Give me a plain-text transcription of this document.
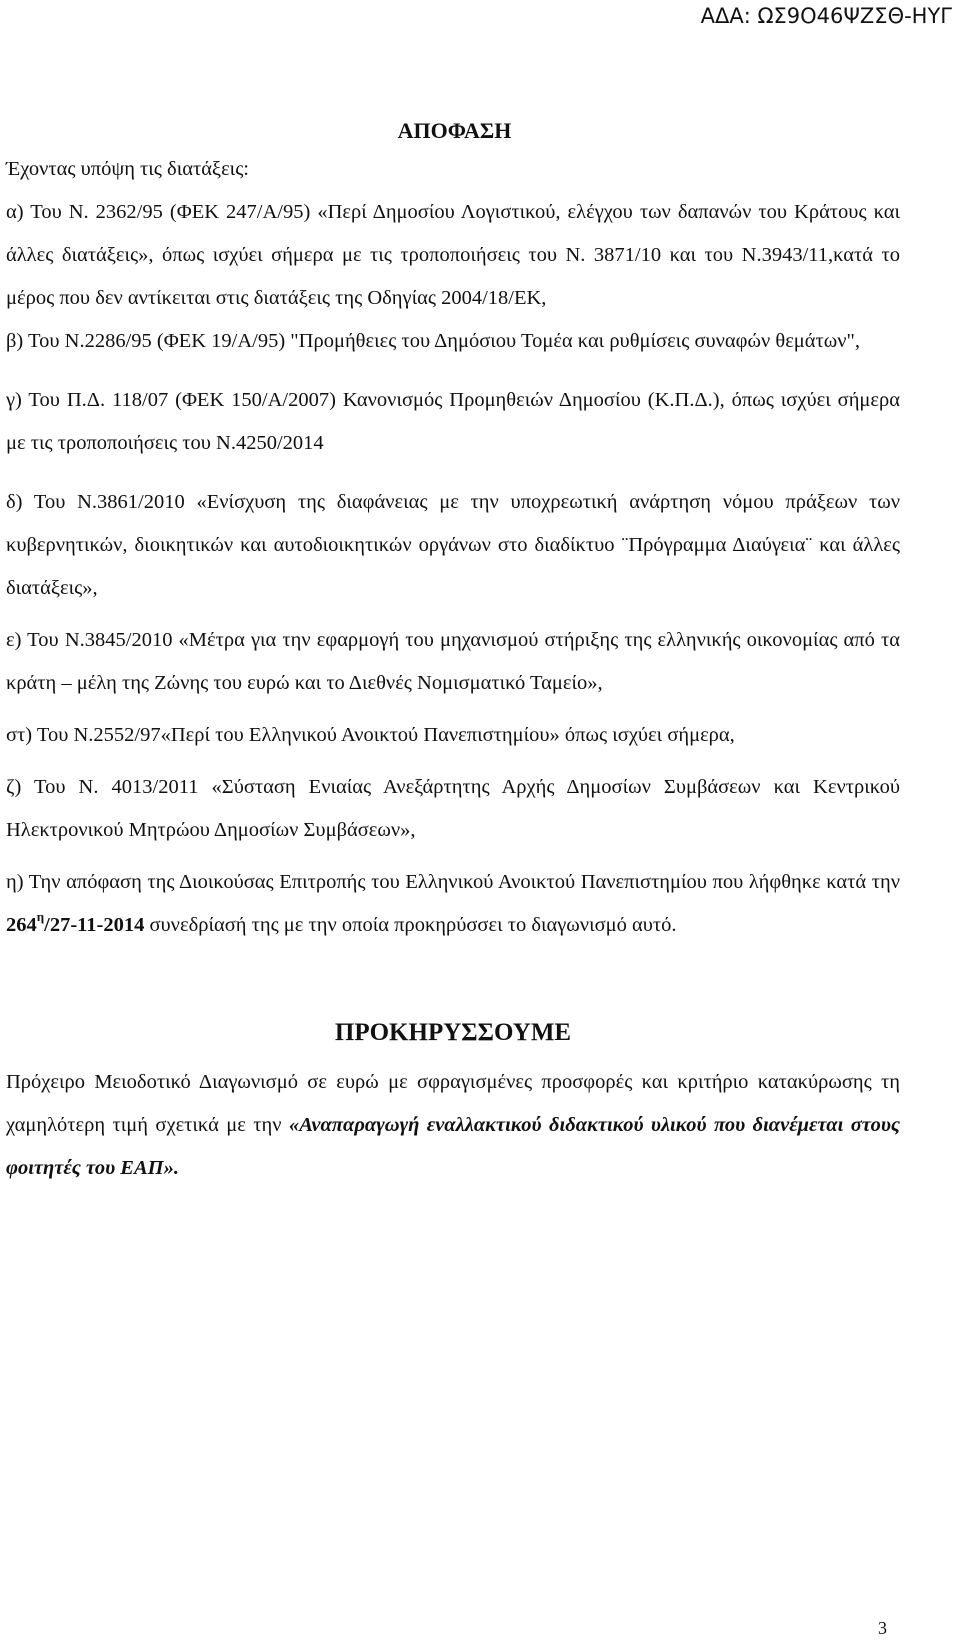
ΑΔΑ: ΩΣ9Ο46ΨΖΣΘ-ΗΥΓ
ΑΠΟΦΑΣΗ

Έχοντας υπόψη τις διατάξεις:

α) Του Ν. 2362/95 (ΦΕΚ 247/Α/95) «Περί Δημοσίου Λογιστικού, ελέγχου των δαπανών του Κράτους και άλλες διατάξεις», όπως ισχύει σήμερα με τις τροποποιήσεις του Ν. 3871/10 και του Ν.3943/11,κατά το μέρος που δεν αντίκειται στις διατάξεις της Οδηγίας 2004/18/ΕΚ,

β) Του Ν.2286/95 (ΦΕΚ 19/Α/95) "Προμήθειες του Δημόσιου Τομέα και ρυθμίσεις συναφών θεμάτων",

γ) Του Π.Δ. 118/07 (ΦΕΚ 150/Α/2007) Κανονισμός Προμηθειών Δημοσίου (Κ.Π.Δ.), όπως ισχύει σήμερα με τις τροποποιήσεις του Ν.4250/2014

δ) Του Ν.3861/2010 «Ενίσχυση της διαφάνειας με την υποχρεωτική ανάρτηση νόμου πράξεων των κυβερνητικών, διοικητικών και αυτοδιοικητικών οργάνων στο διαδίκτυο ¨Πρόγραμμα Διαύγεια¨ και άλλες διατάξεις»,

ε) Του Ν.3845/2010 «Μέτρα για την εφαρμογή του μηχανισμού στήριξης της ελληνικής οικονομίας από τα κράτη – μέλη της Ζώνης του ευρώ και το Διεθνές Νομισματικό Ταμείο»,

στ) Του Ν.2552/97«Περί του Ελληνικού Ανοικτού Πανεπιστημίου» όπως ισχύει σήμερα,

ζ) Του Ν. 4013/2011 «Σύσταση Ενιαίας Ανεξάρτητης Αρχής Δημοσίων Συμβάσεων και Κεντρικού Ηλεκτρονικού Μητρώου Δημοσίων Συμβάσεων»,

η) Την απόφαση της Διοικούσας Επιτροπής του Ελληνικού Ανοικτού Πανεπιστημίου που λήφθηκε κατά την $264^\eta/27-11-2014$ συνεδρίασή της με την οποία προκηρύσσει το διαγωνισμό αυτό.

ΠΡΟΚΗΡΥΣΣΟΥΜΕ

Πρόχειρο Μειοδοτικό Διαγωνισμό σε ευρώ με σφραγισμένες προσφορές και κριτήριο κατακύρωσης τη χαμηλότερη τιμή σχετικά με την «Αναπαραγωγή εναλλακτικού διδακτικού υλικού που διανέμεται στους φοιτητές του ΕΑΠ».

3
